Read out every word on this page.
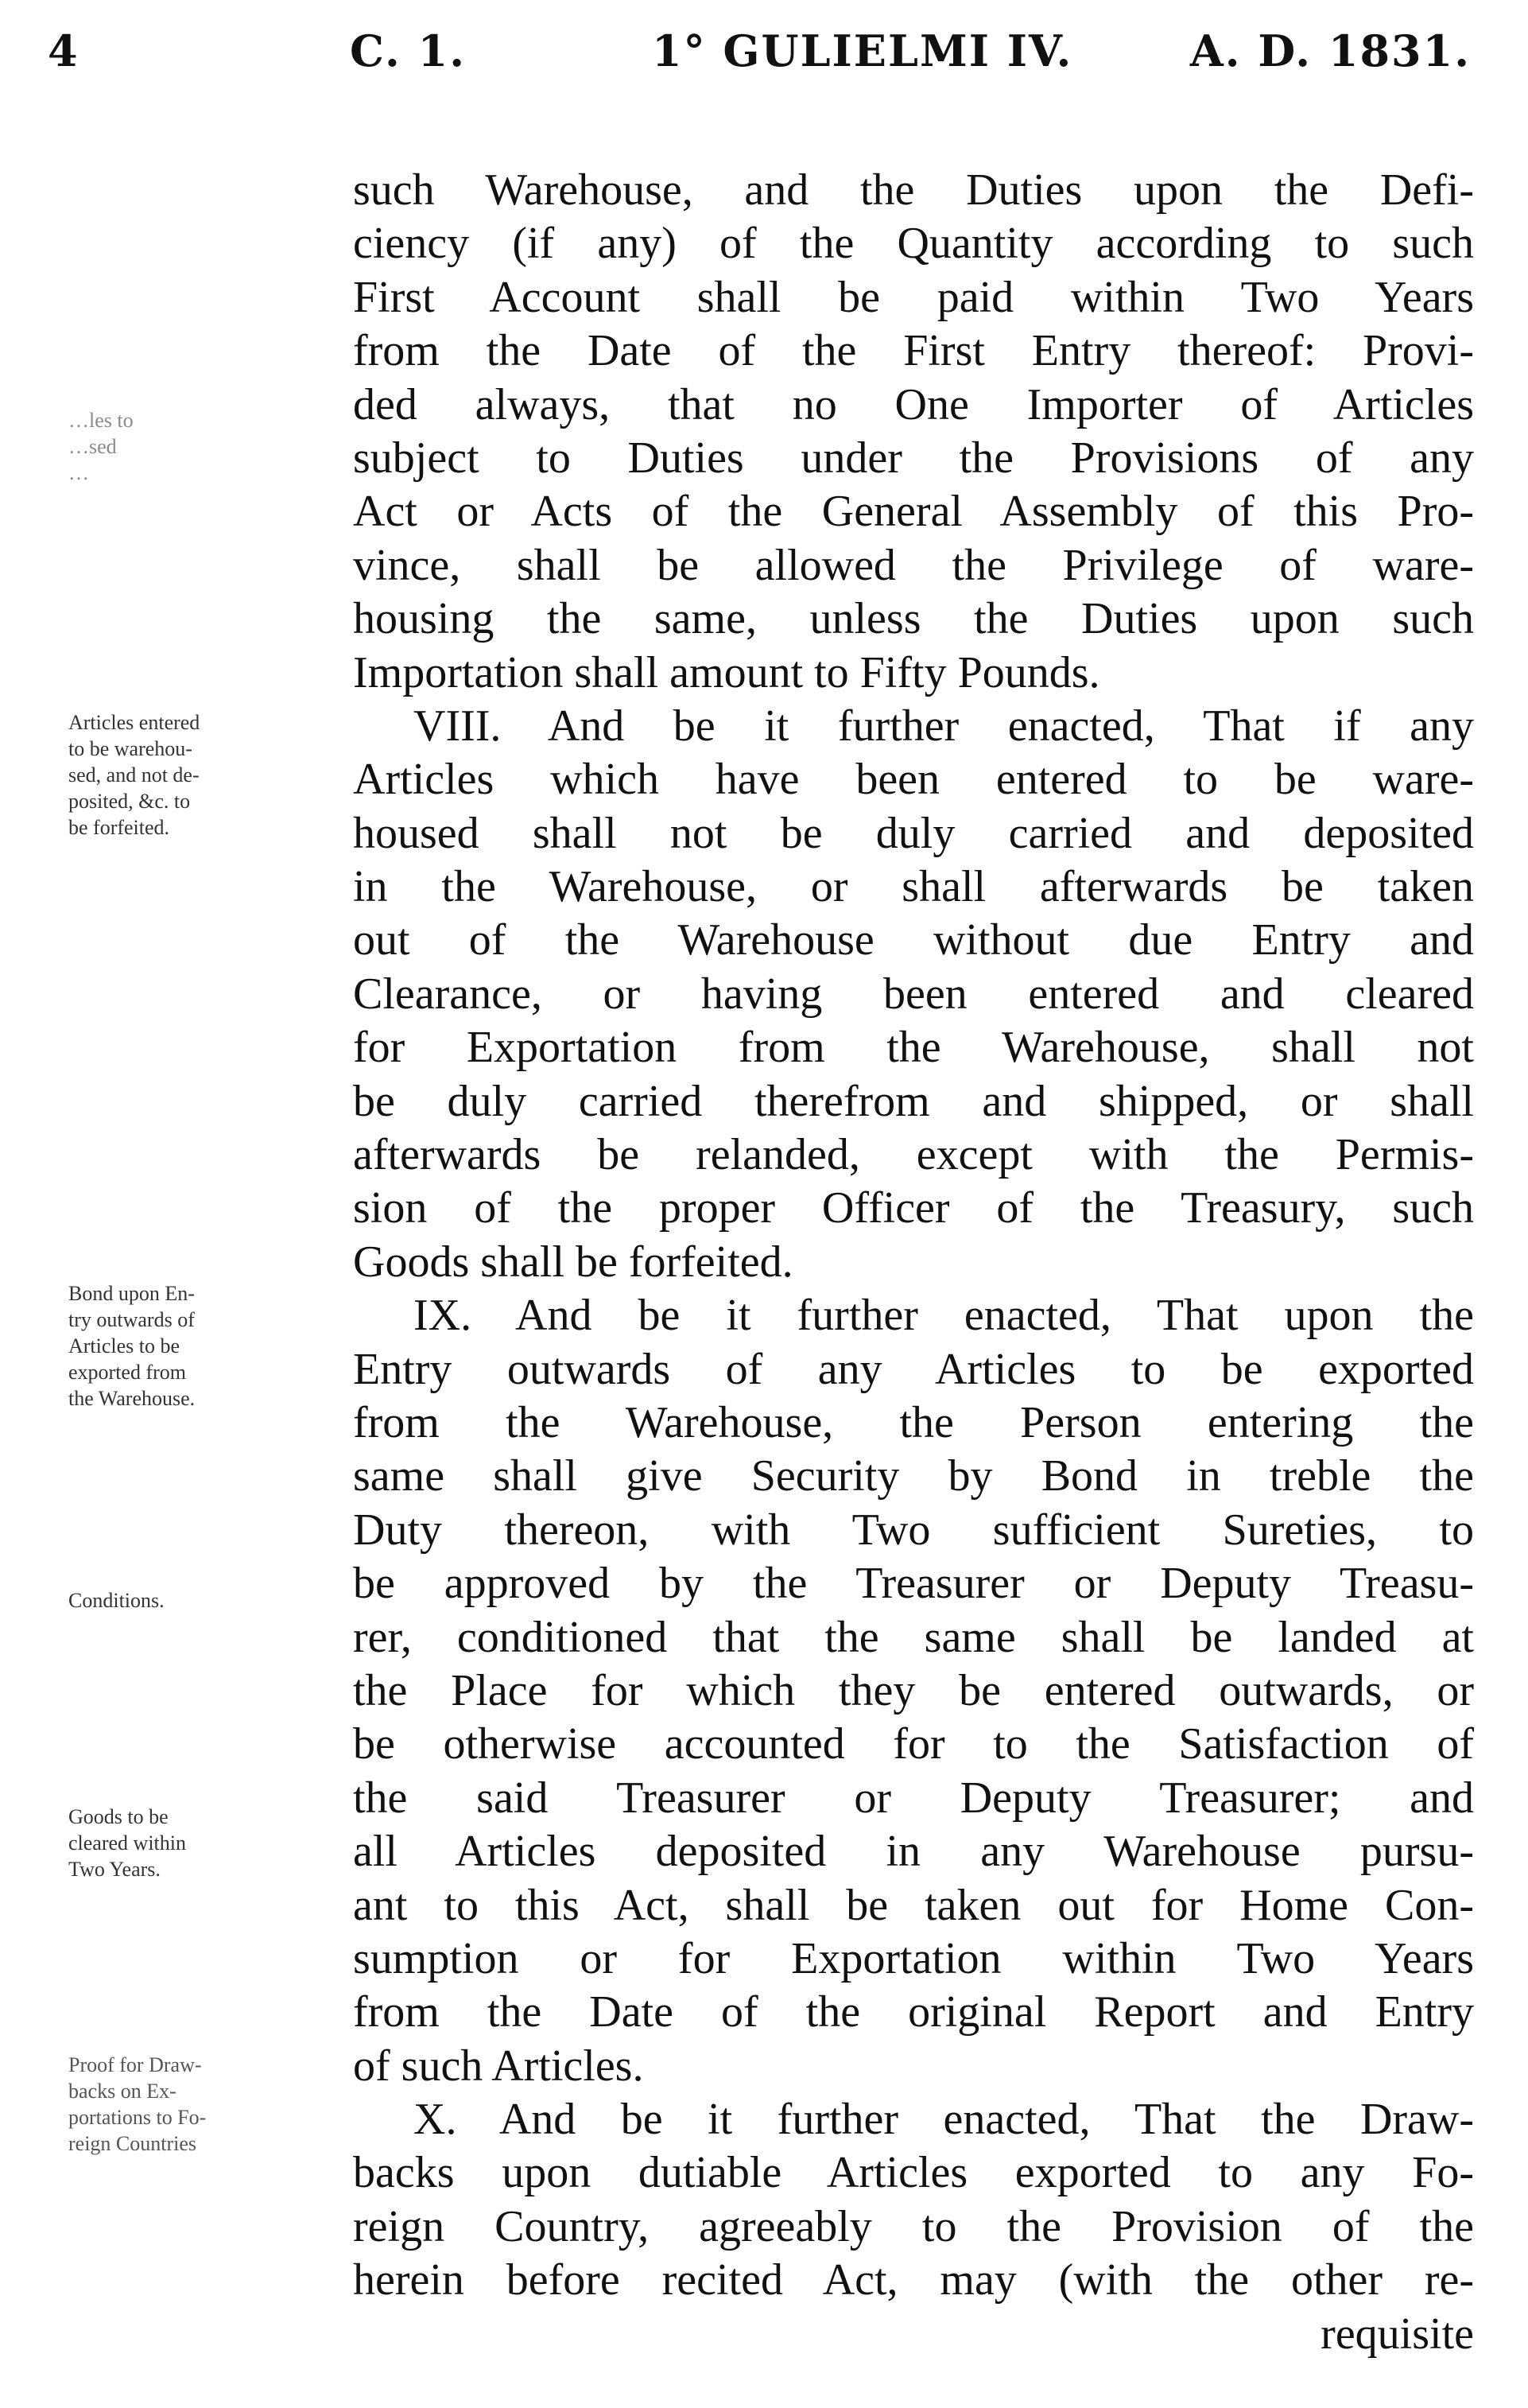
4	C. 1.	1° GULIELMI IV.	A. D. 1831.
…les to
…sed
…
Articles entered
to be warehou-
sed, and not de-
posited, &c. to
be forfeited.
Bond upon En-
try outwards of
Articles to be
exported from
the Warehouse.
Conditions.
Goods to be
cleared within
Two Years.
Proof for Draw-
backs on Ex-
portations to Fo-
reign Countries
such Warehouse, and the Duties upon the Defi-
ciency (if any) of the Quantity according to such
First Account shall be paid within Two Years
from the Date of the First Entry thereof: Provi-
ded always, that no One Importer of Articles
subject to Duties under the Provisions of any
Act or Acts of the General Assembly of this Pro-
vince, shall be allowed the Privilege of ware-
housing the same, unless the Duties upon such
Importation shall amount to Fifty Pounds.
VIII. And be it further enacted, That if any
Articles which have been entered to be ware-
housed shall not be duly carried and deposited
in the Warehouse, or shall afterwards be taken
out of the Warehouse without due Entry and
Clearance, or having been entered and cleared
for Exportation from the Warehouse, shall not
be duly carried therefrom and shipped, or shall
afterwards be relanded, except with the Permis-
sion of the proper Officer of the Treasury, such
Goods shall be forfeited.
IX. And be it further enacted, That upon the
Entry outwards of any Articles to be exported
from the Warehouse, the Person entering the
same shall give Security by Bond in treble the
Duty thereon, with Two sufficient Sureties, to
be approved by the Treasurer or Deputy Treasu-
rer, conditioned that the same shall be landed at
the Place for which they be entered outwards, or
be otherwise accounted for to the Satisfaction of
the said Treasurer or Deputy Treasurer; and
all Articles deposited in any Warehouse pursu-
ant to this Act, shall be taken out for Home Con-
sumption or for Exportation within Two Years
from the Date of the original Report and Entry
of such Articles.
X. And be it further enacted, That the Draw-
backs upon dutiable Articles exported to any Fo-
reign Country, agreeably to the Provision of the
herein before recited Act, may (with the other re-
requisite
